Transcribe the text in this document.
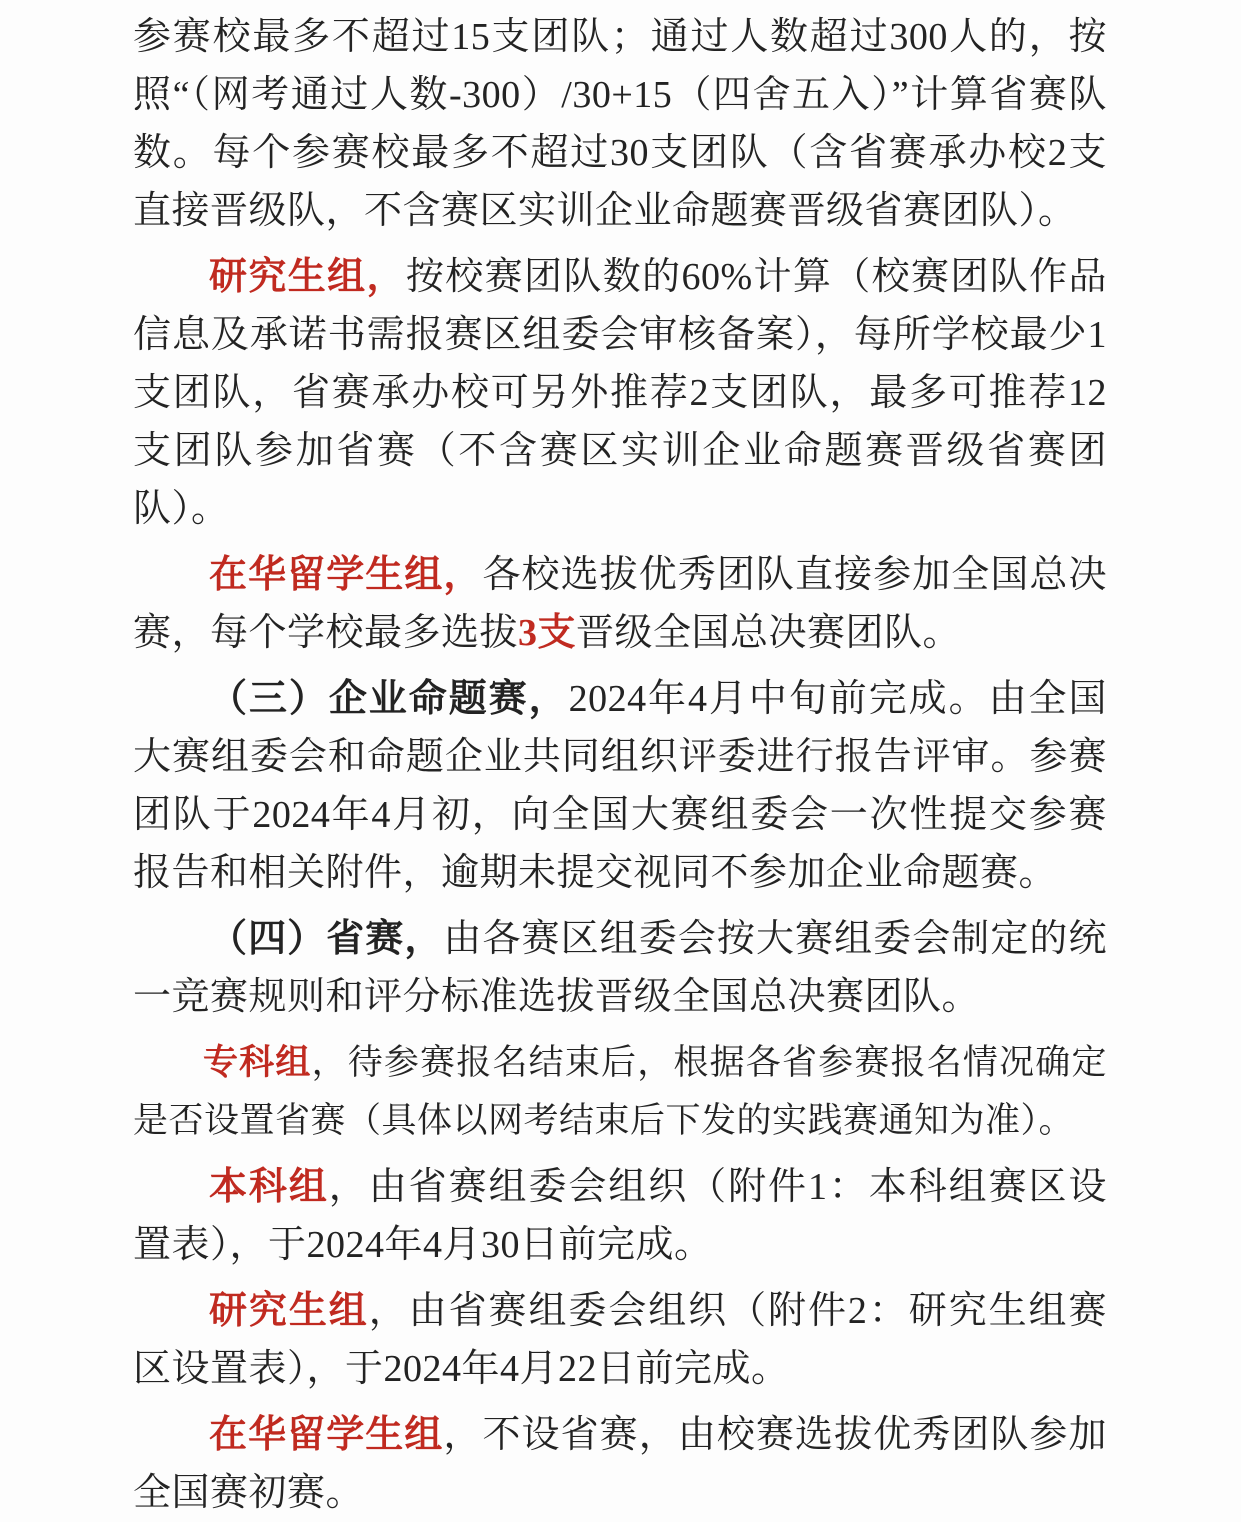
参赛校最多不超过15支团队；通过人数超过300人的，按照“（网考通过人数-300）/30+15（四舍五入）”计算省赛队数。每个参赛校最多不超过30支团队（含省赛承办校2支直接晋级队，不含赛区实训企业命题赛晋级省赛团队）。

研究生组，按校赛团队数的60%计算（校赛团队作品信息及承诺书需报赛区组委会审核备案），每所学校最少1支团队，省赛承办校可另外推荐2支团队，最多可推荐12支团队参加省赛（不含赛区实训企业命题赛晋级省赛团队）。

在华留学生组，各校选拔优秀团队直接参加全国总决赛，每个学校最多选拔3支晋级全国总决赛团队。

（三）企业命题赛，2024年4月中旬前完成。由全国大赛组委会和命题企业共同组织评委进行报告评审。参赛团队于2024年4月初，向全国大赛组委会一次性提交参赛报告和相关附件，逾期未提交视同不参加企业命题赛。

（四）省赛，由各赛区组委会按大赛组委会制定的统一竞赛规则和评分标准选拔晋级全国总决赛团队。

专科组，待参赛报名结束后，根据各省参赛报名情况确定是否设置省赛（具体以网考结束后下发的实践赛通知为准）。

本科组，由省赛组委会组织（附件1：本科组赛区设置表），于2024年4月30日前完成。

研究生组，由省赛组委会组织（附件2：研究生组赛区设置表），于2024年4月22日前完成。

在华留学生组，不设省赛，由校赛选拔优秀团队参加全国赛初赛。
